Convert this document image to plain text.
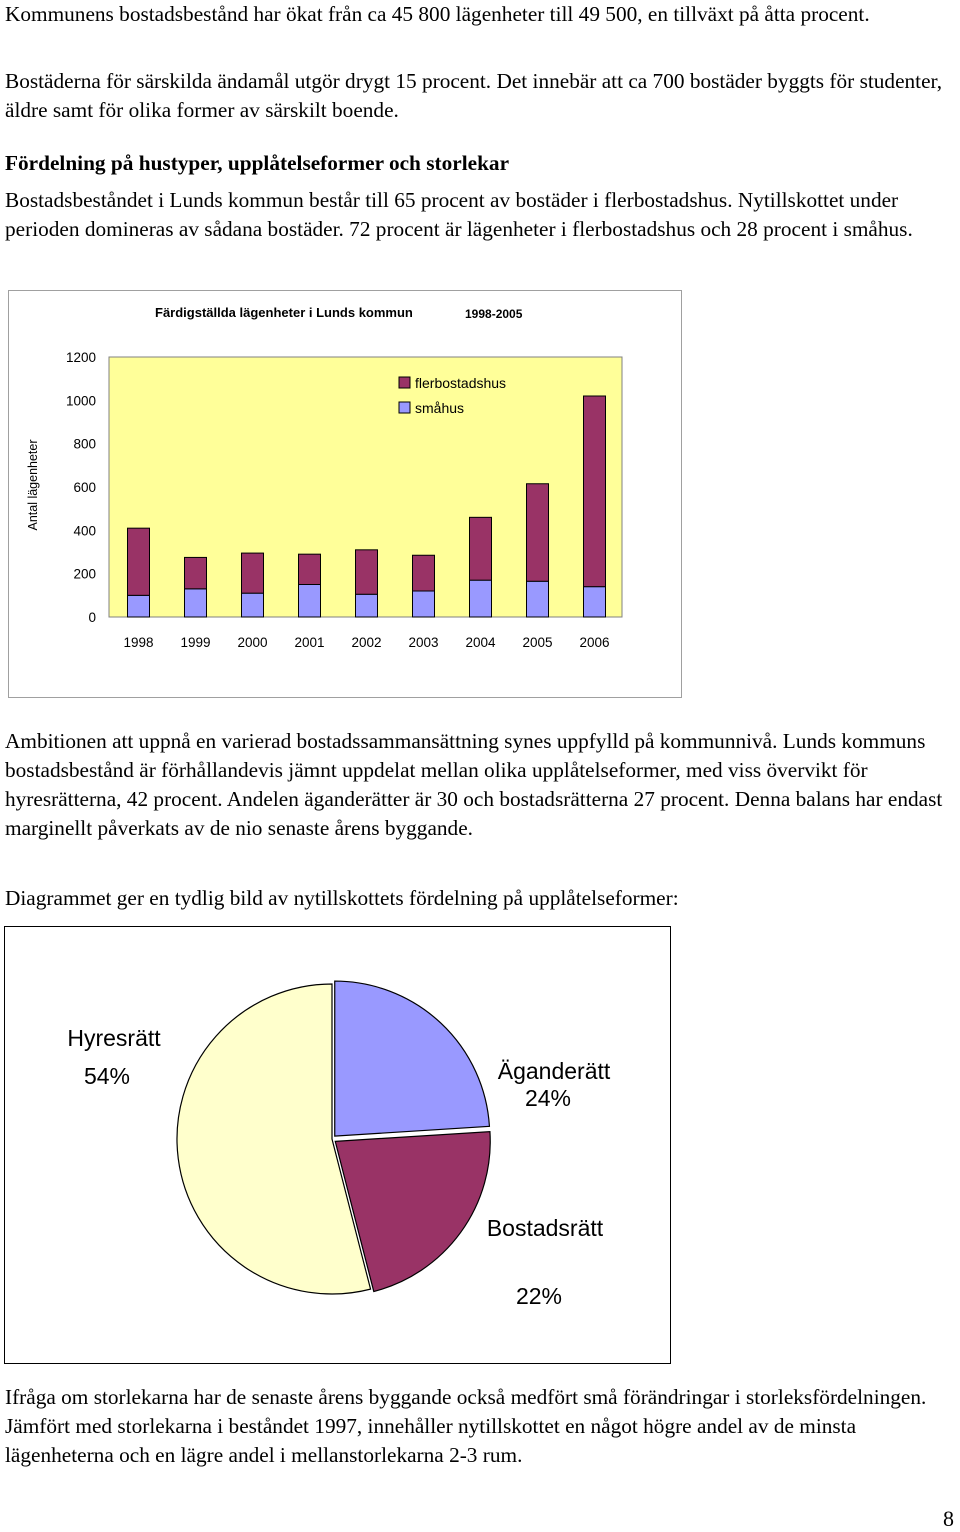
Kommunens bostadsbestånd har ökat från ca 45 800 lägenheter till 49 500, en tillväxt på åtta procent.

Bostäderna för särskilda ändamål utgör drygt 15 procent. Det innebär att ca 700 bostäder byggts för studenter, äldre samt för olika former av särskilt boende.

Fördelning på hustyper, upplåtelseformer och storlekar

Bostadsbeståndet i Lunds kommun består till 65 procent av bostäder i flerbostadshus. Nytillskottet under perioden domineras av sådana bostäder. 72 procent är lägenheter i flerbostadshus och 28 procent i småhus.

Färdigställda lägenheter i Lunds kommun	1998-2005
Antal lägenheter
0
200
400
600
800
1000
1200
1998 1999 2000 2001 2002 2003 2004 2005 2006
flerbostadshus
småhus

Ambitionen att uppnå en varierad bostadssammansättning synes uppfylld på kommunnivå. Lunds kommuns bostadsbestånd är förhållandevis jämnt uppdelat mellan olika upplåtelseformer, med viss övervikt för hyresrätterna, 42 procent. Andelen äganderätter är 30 och bostadsrätterna 27 procent. Denna balans har endast marginellt påverkats av de nio senaste årens byggande.

Diagrammet ger en tydlig bild av nytillskottets fördelning på upplåtelseformer:

Hyresrätt
54%	Äganderätt
24%
Bostadsrätt
22%

Ifråga om storlekarna har de senaste årens byggande också medfört små förändringar i storleksfördelningen. Jämfört med storlekarna i beståndet 1997, innehåller nytillskottet en något högre andel av de minsta lägenheterna och en lägre andel i mellanstorlekarna 2-3 rum.

8
